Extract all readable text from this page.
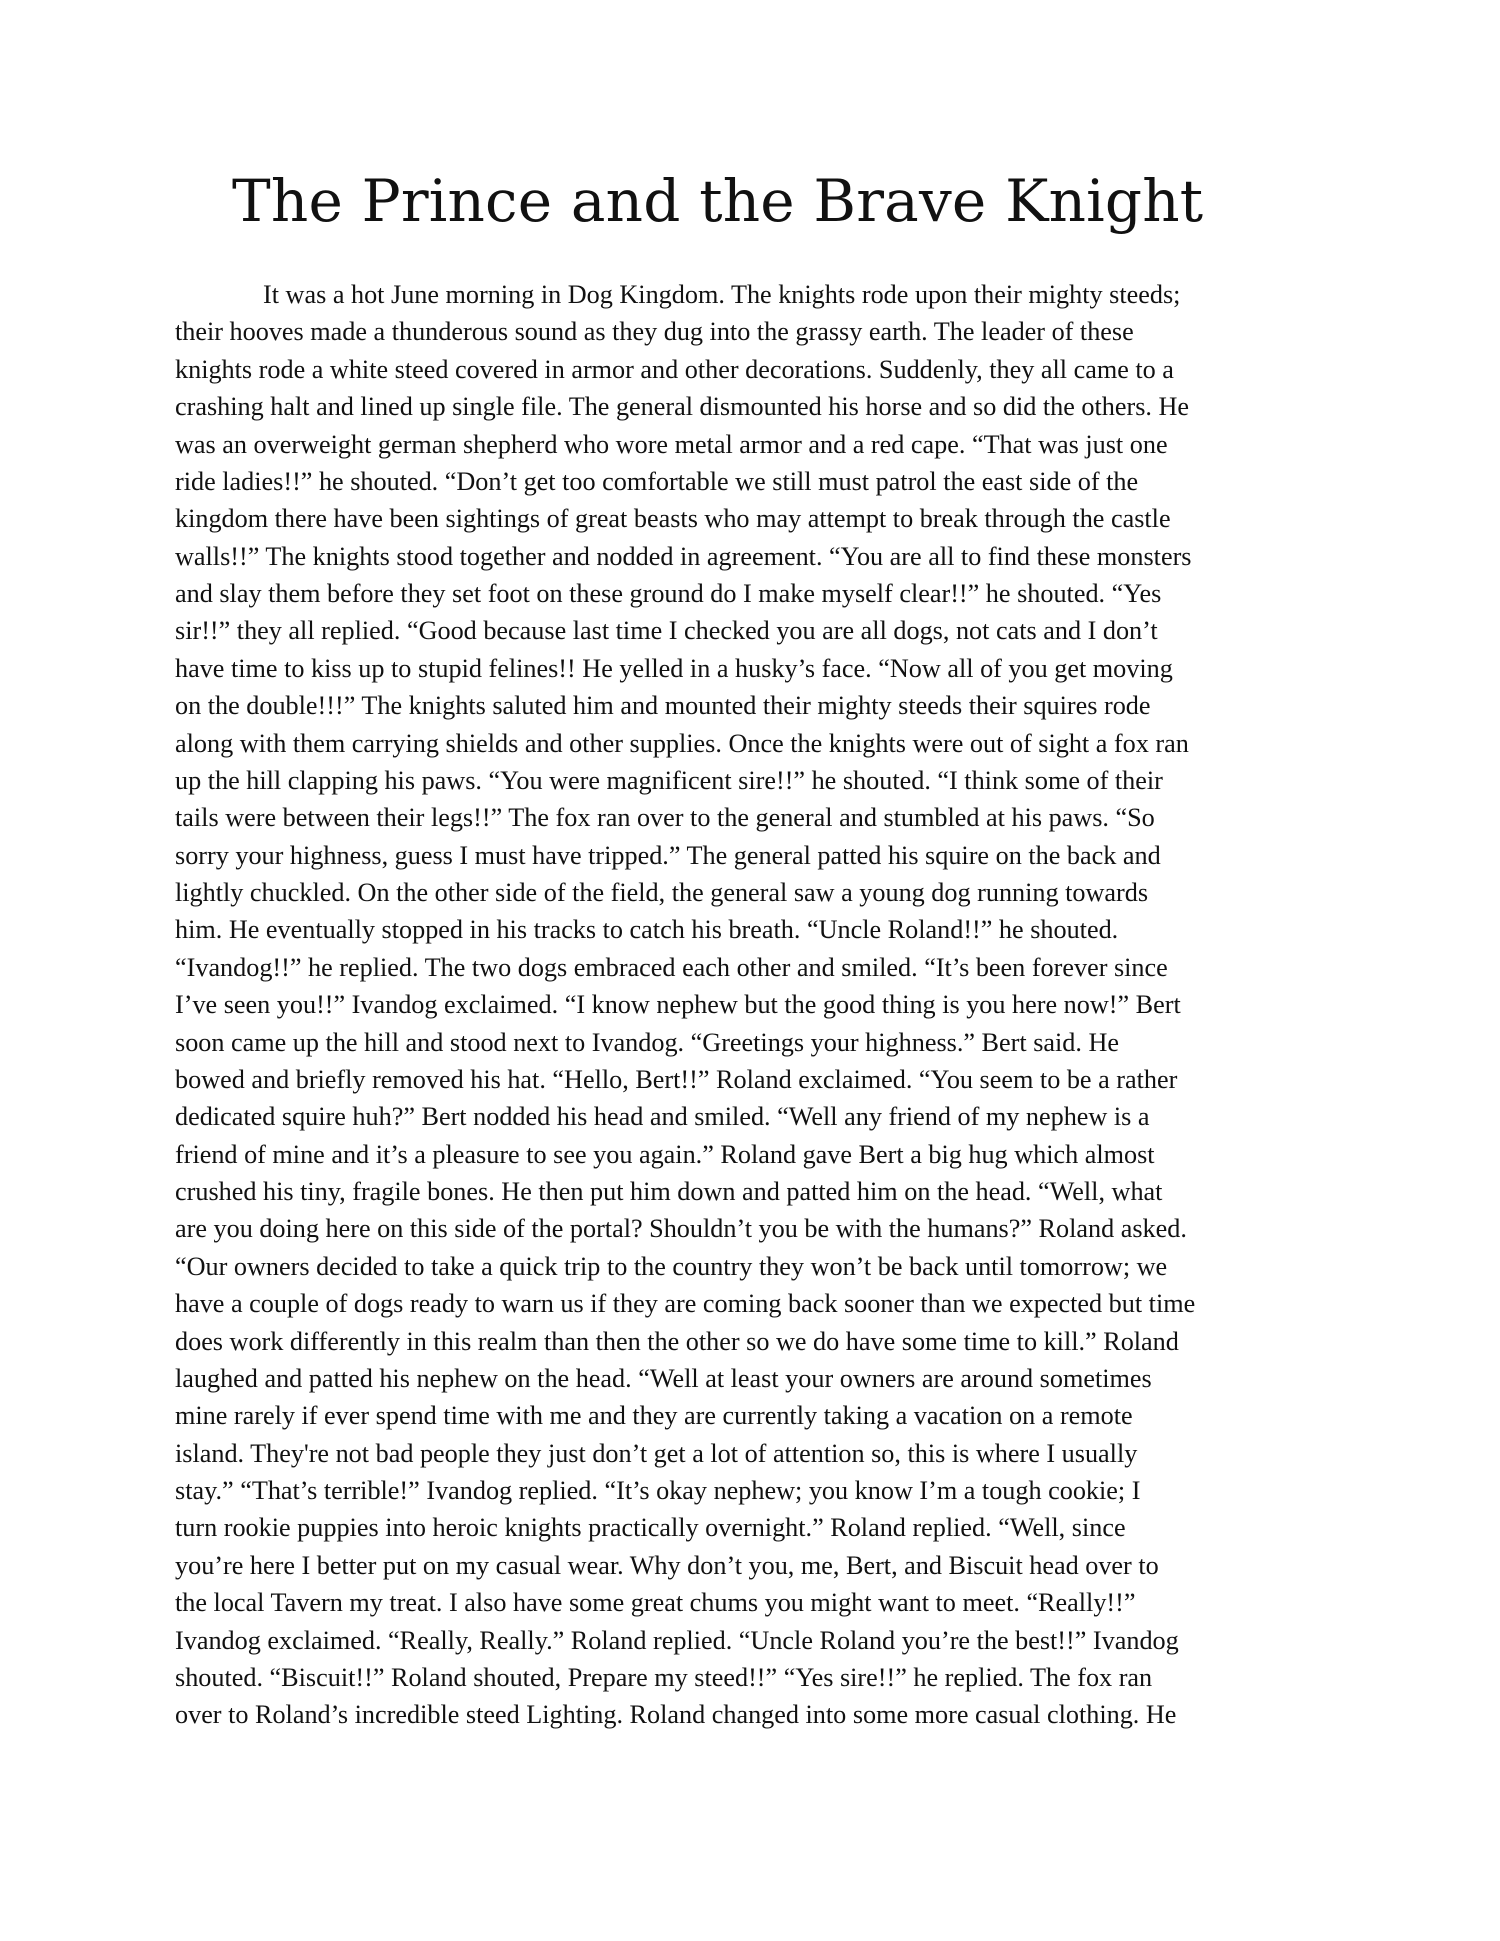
The Prince and the Brave Knight
It was a hot June morning in Dog Kingdom. The knights rode upon their mighty steeds;
their hooves made a thunderous sound as they dug into the grassy earth. The leader of these
knights rode a white steed covered in armor and other decorations. Suddenly, they all came to a
crashing halt and lined up single file. The general dismounted his horse and so did the others. He
was an overweight german shepherd who wore metal armor and a red cape. “That was just one
ride ladies!!” he shouted. “Don’t get too comfortable we still must patrol the east side of the
kingdom there have been sightings of great beasts who may attempt to break through the castle
walls!!” The knights stood together and nodded in agreement. “You are all to find these monsters
and slay them before they set foot on these ground do I make myself clear!!” he shouted. “Yes
sir!!” they all replied. “Good because last time I checked you are all dogs, not cats and I don’t
have time to kiss up to stupid felines!! He yelled in a husky’s face. “Now all of you get moving
on the double!!!” The knights saluted him and mounted their mighty steeds their squires rode
along with them carrying shields and other supplies. Once the knights were out of sight a fox ran
up the hill clapping his paws. “You were magnificent sire!!” he shouted. “I think some of their
tails were between their legs!!” The fox ran over to the general and stumbled at his paws. “So
sorry your highness, guess I must have tripped.” The general patted his squire on the back and
lightly chuckled. On the other side of the field, the general saw a young dog running towards
him. He eventually stopped in his tracks to catch his breath. “Uncle Roland!!” he shouted.
“Ivandog!!” he replied. The two dogs embraced each other and smiled. “It’s been forever since
I’ve seen you!!” Ivandog exclaimed. “I know nephew but the good thing is you here now!” Bert
soon came up the hill and stood next to Ivandog. “Greetings your highness.” Bert said. He
bowed and briefly removed his hat. “Hello, Bert!!” Roland exclaimed. “You seem to be a rather
dedicated squire huh?” Bert nodded his head and smiled. “Well any friend of my nephew is a
friend of mine and it’s a pleasure to see you again.” Roland gave Bert a big hug which almost
crushed his tiny, fragile bones. He then put him down and patted him on the head. “Well, what
are you doing here on this side of the portal? Shouldn’t you be with the humans?” Roland asked.
“Our owners decided to take a quick trip to the country they won’t be back until tomorrow; we
have a couple of dogs ready to warn us if they are coming back sooner than we expected but time
does work differently in this realm than then the other so we do have some time to kill.” Roland
laughed and patted his nephew on the head. “Well at least your owners are around sometimes
mine rarely if ever spend time with me and they are currently taking a vacation on a remote
island. They're not bad people they just don’t get a lot of attention so, this is where I usually
stay.” “That’s terrible!” Ivandog replied. “It’s okay nephew; you know I’m a tough cookie; I
turn rookie puppies into heroic knights practically overnight.” Roland replied. “Well, since
you’re here I better put on my casual wear. Why don’t you, me, Bert, and Biscuit head over to
the local Tavern my treat. I also have some great chums you might want to meet. “Really!!”
Ivandog exclaimed. “Really, Really.” Roland replied. “Uncle Roland you’re the best!!” Ivandog
shouted. “Biscuit!!” Roland shouted, Prepare my steed!!” “Yes sire!!” he replied. The fox ran
over to Roland’s incredible steed Lighting. Roland changed into some more casual clothing. He
